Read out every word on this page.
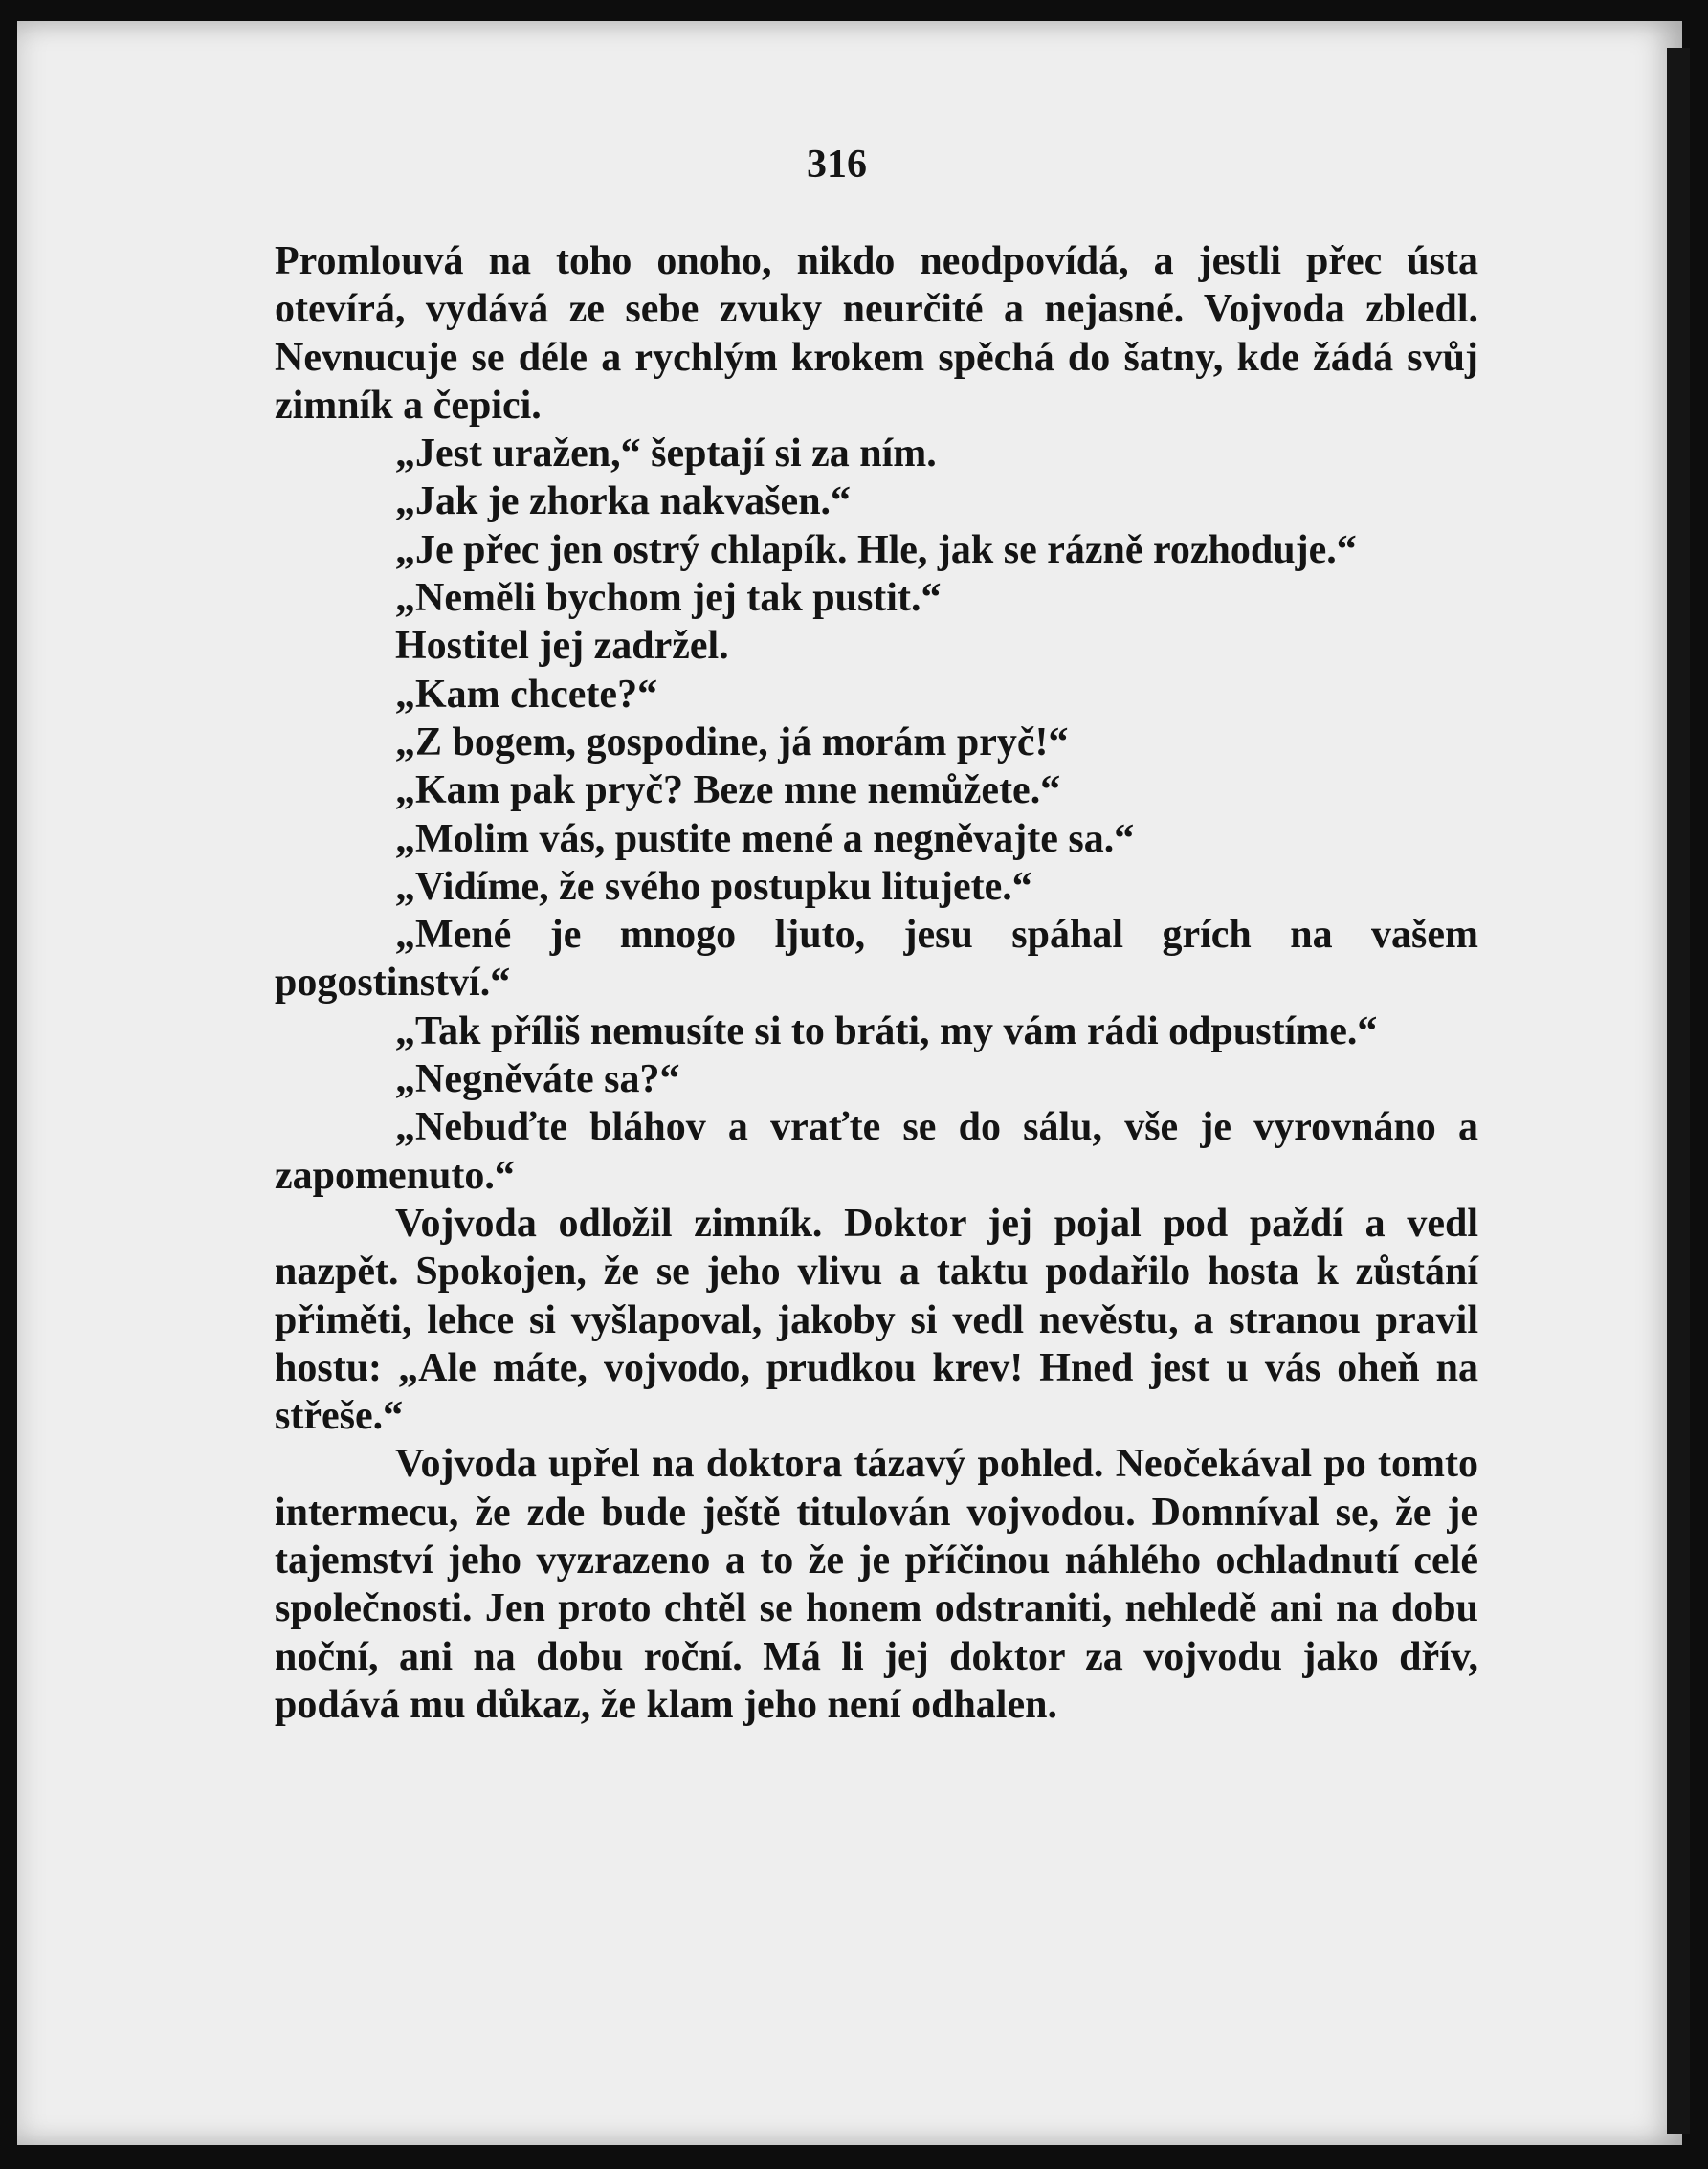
316

Promlouvá na toho onoho, nikdo neodpovídá, a jestli přec ústa otevírá, vydává ze sebe zvuky neurčité a nejasné. Vojvoda zbledl. Nevnucuje se déle a rychlým krokem spěchá do šatny, kde žádá svůj zimník a čepici.

„Jest uražen,“ šeptají si za ním.

„Jak je zhorka nakvašen.“

„Je přec jen ostrý chlapík. Hle, jak se rázně rozhoduje.“

„Neměli bychom jej tak pustit.“

Hostitel jej zadržel.

„Kam chcete?“

„Z bogem, gospodine, já morám pryč!“

„Kam pak pryč? Beze mne nemůžete.“

„Molim vás, pustite mené a negněvajte sa.“

„Vidíme, že svého postupku litujete.“

„Mené je mnogo ljuto, jesu spáhal grích na vašem pogostinství.“

„Tak příliš nemusíte si to bráti, my vám rádi odpustíme.“

„Negněváte sa?“

„Nebuďte bláhov a vraťte se do sálu, vše je vyrovnáno a zapomenuto.“

Vojvoda odložil zimník. Doktor jej pojal pod paždí a vedl nazpět. Spokojen, že se jeho vlivu a taktu podařilo hosta k zůstání přiměti, lehce si vyšlapoval, jakoby si vedl nevěstu, a stranou pravil hostu: „Ale máte, vojvodo, prudkou krev! Hned jest u vás oheň na střeše.“

Vojvoda upřel na doktora tázavý pohled. Neočekával po tomto intermecu, že zde bude ještě titulován vojvodou. Domníval se, že je tajemství jeho vyzrazeno a to že je příčinou náhlého ochladnutí celé společnosti. Jen proto chtěl se honem odstraniti, nehledě ani na dobu noční, ani na dobu roční. Má li jej doktor za vojvodu jako dřív, podává mu důkaz, že klam jeho není odhalen.
